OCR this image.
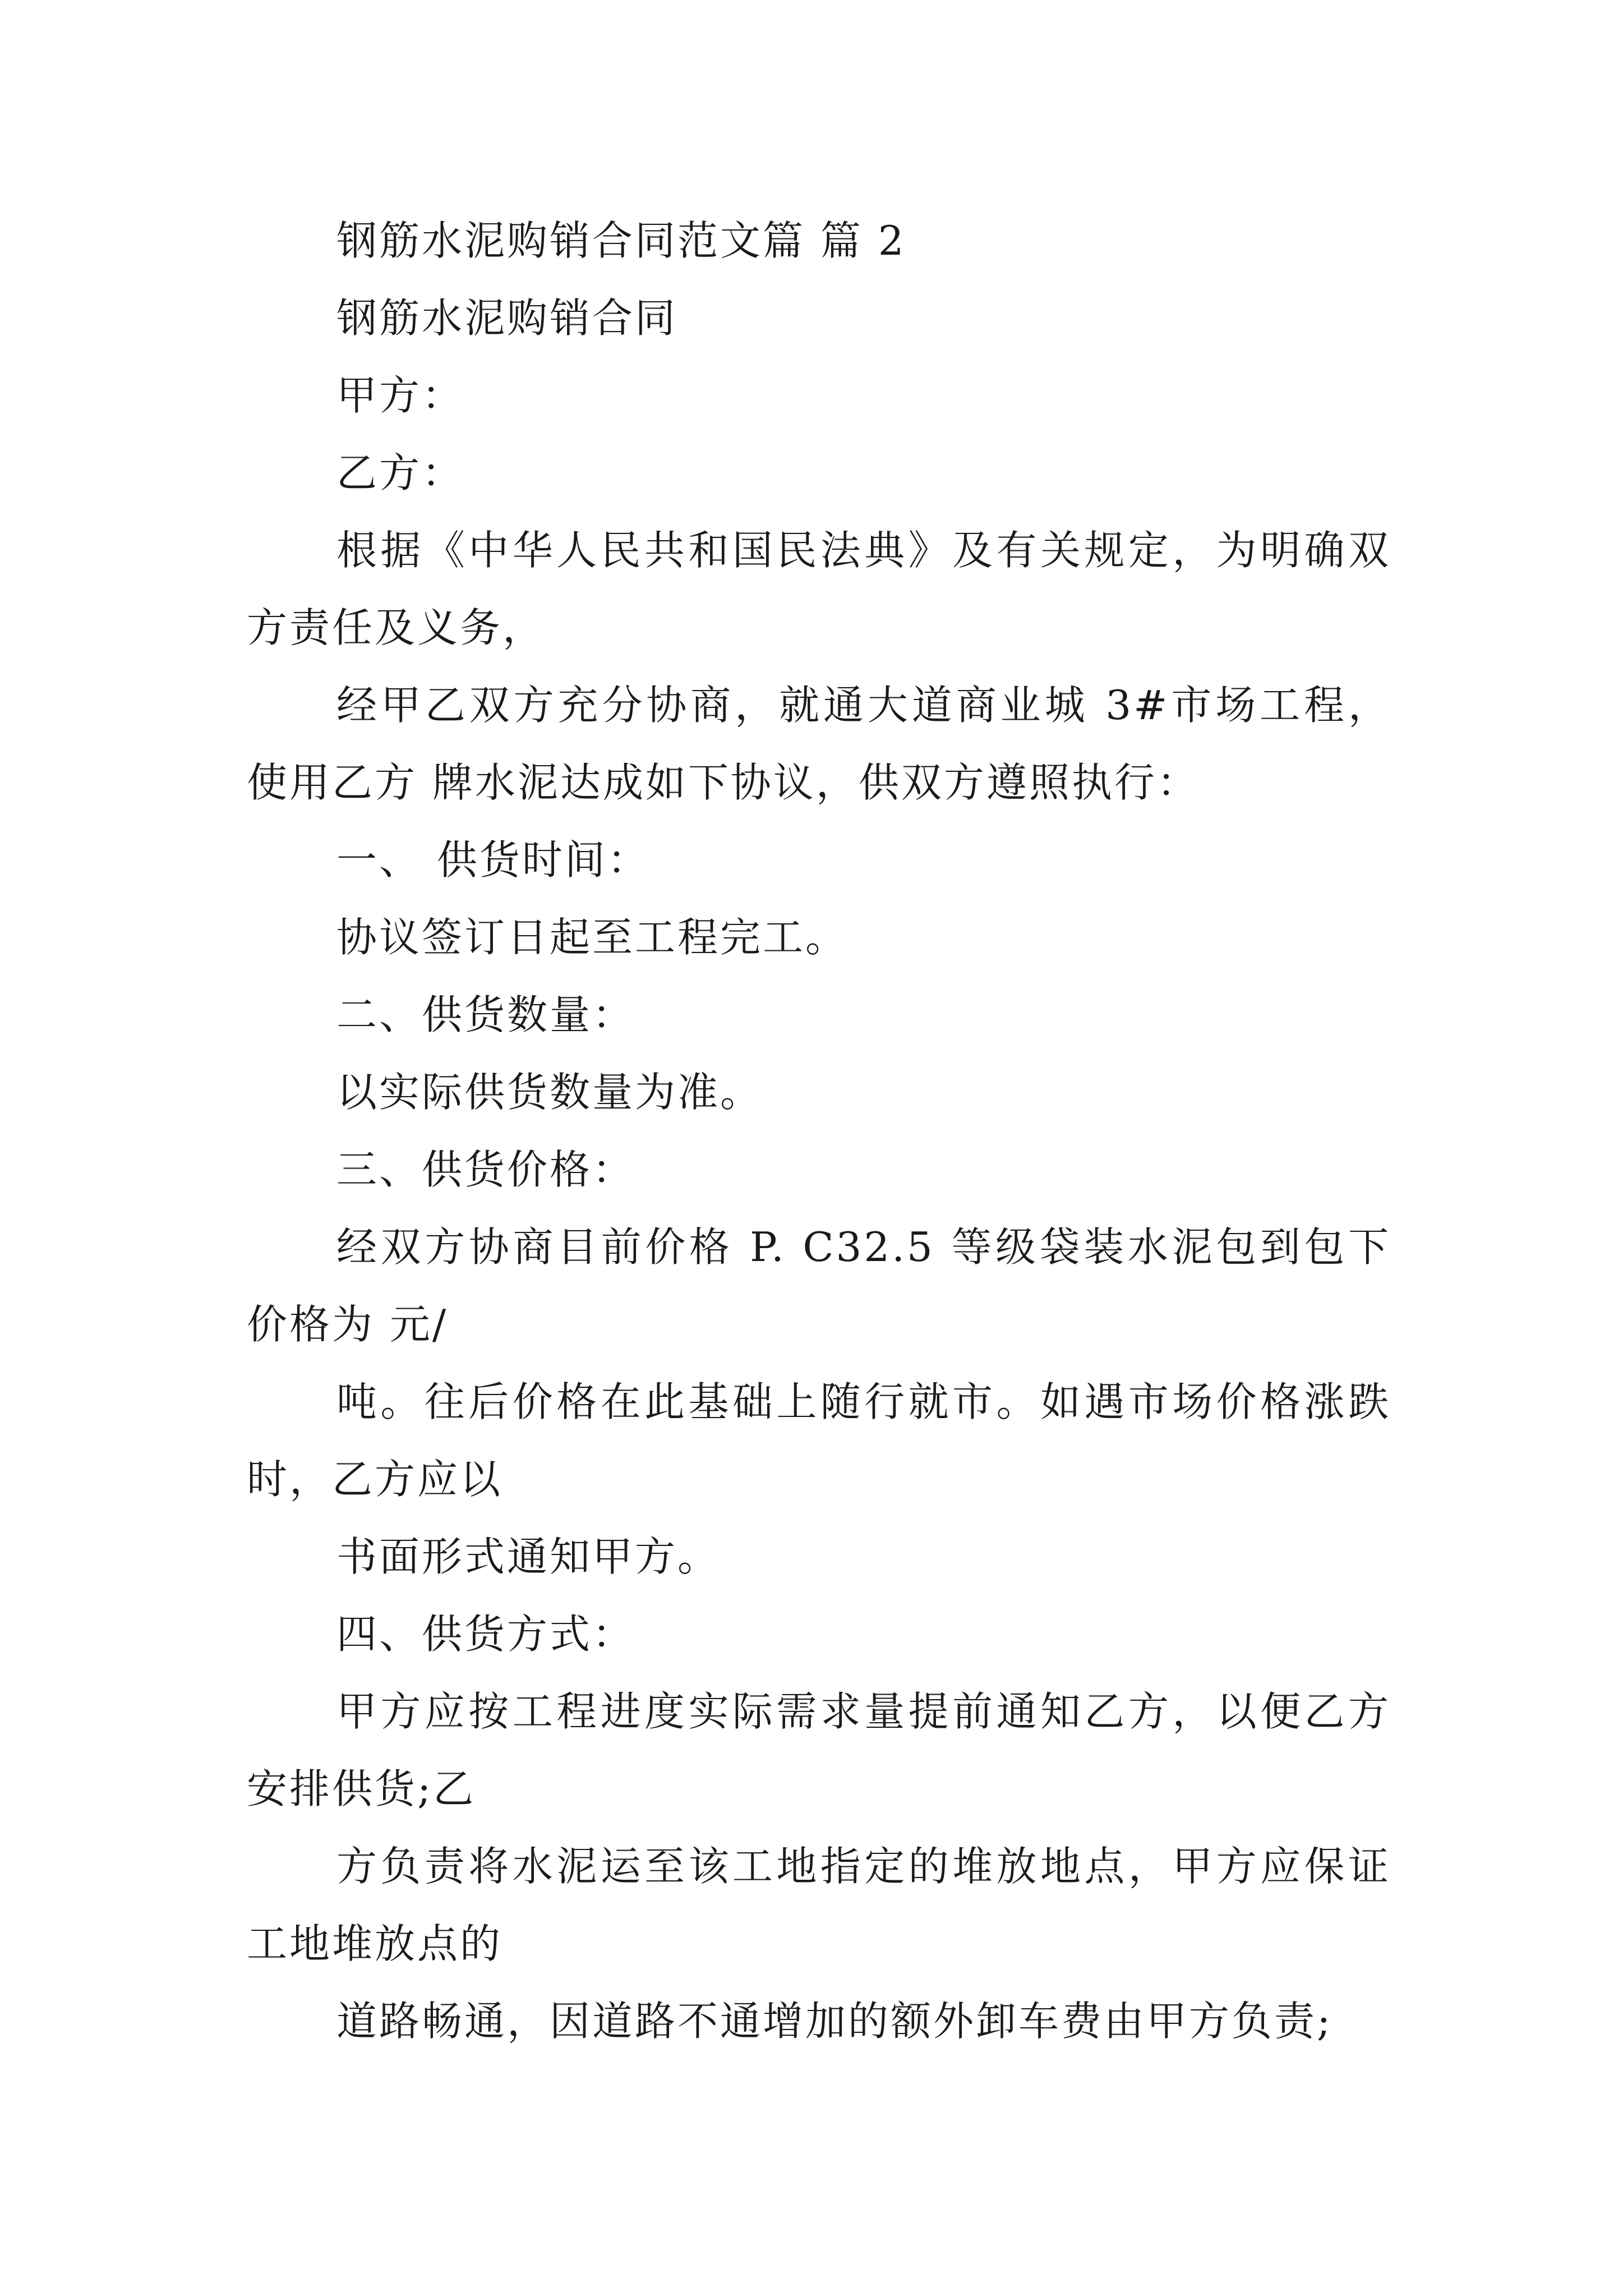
钢筋水泥购销合同范文篇 篇 2

钢筋水泥购销合同

甲方：

乙方：

根据《中华人民共和国民法典》及有关规定，为明确双方责任及义务，

经甲乙双方充分协商，就通大道商业城 3#市场工程，使用乙方 牌水泥达成如下协议，供双方遵照执行：

一、 供货时间：

协议签订日起至工程完工。

二、供货数量：

以实际供货数量为准。

三、供货价格：

经双方协商目前价格 P. C32.5 等级袋装水泥包到包下价格为 元/

吨。往后价格在此基础上随行就市。如遇市场价格涨跌时，乙方应以

书面形式通知甲方。

四、供货方式：

甲方应按工程进度实际需求量提前通知乙方，以便乙方安排供货;乙

方负责将水泥运至该工地指定的堆放地点，甲方应保证工地堆放点的

道路畅通，因道路不通增加的额外卸车费由甲方负责;
